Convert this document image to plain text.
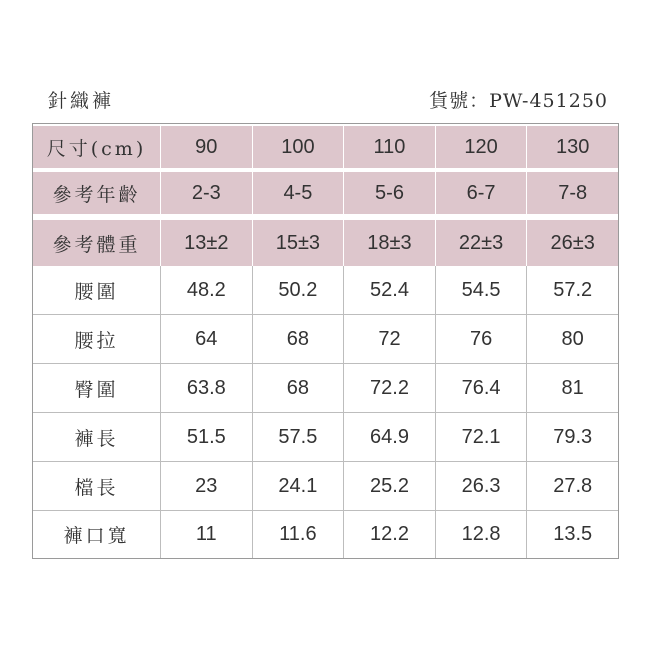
針織褲	貨號：PW-451250
尺寸(cm)	90	100	110	120	130
參考年齡	2-3	4-5	5-6	6-7	7-8
參考體重	13±2	15±3	18±3	22±3	26±3
腰圍	48.2	50.2	52.4	54.5	57.2
腰拉	64	68	72	76	80
臀圍	63.8	68	72.2	76.4	81
褲長	51.5	57.5	64.9	72.1	79.3
檔長	23	24.1	25.2	26.3	27.8
褲口寬	11	11.6	12.2	12.8	13.5
